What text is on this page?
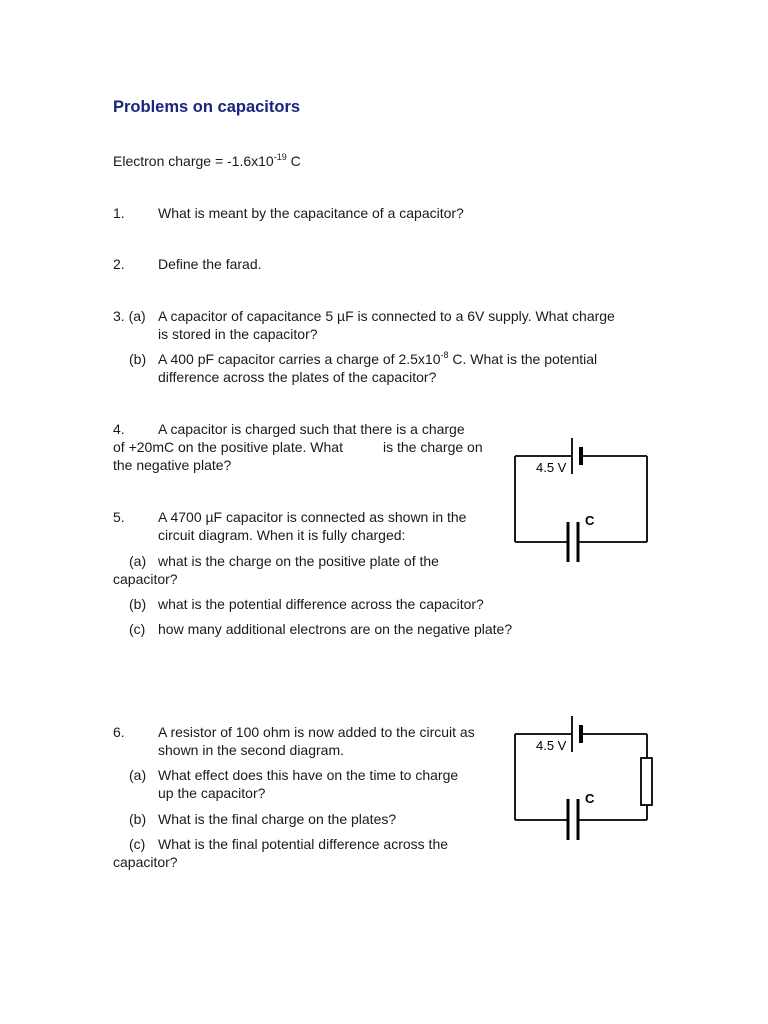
Problems on capacitors
Electron charge = $-1.6x10^{-19}$ C
1. What is meant by the capacitance of a capacitor?
2. Define the farad.
3. (a) A capacitor of capacitance 5 µF is connected to a 6V supply. What charge
is stored in the capacitor?
(b) A 400 pF capacitor carries a charge of $2.5x10^{-8}$ C. What is the potential
difference across the plates of the capacitor?
4. A capacitor is charged such that there is a charge
of +20mC on the positive plate. What	is the charge on
the negative plate?
5. A 4700 µF capacitor is connected as shown in the
circuit diagram. When it is fully charged:
(a) what is the charge on the positive plate of the
capacitor?
(b) what is the potential difference across the capacitor?
(c) how many additional electrons are on the negative plate?
6. A resistor of 100 ohm is now added to the circuit as
shown in the second diagram.
(a) What effect does this have on the time to charge
up the capacitor?
(b) What is the final charge on the plates?
(c) What is the final potential difference across the
capacitor?
4.5 V
C
4.5 V
C
